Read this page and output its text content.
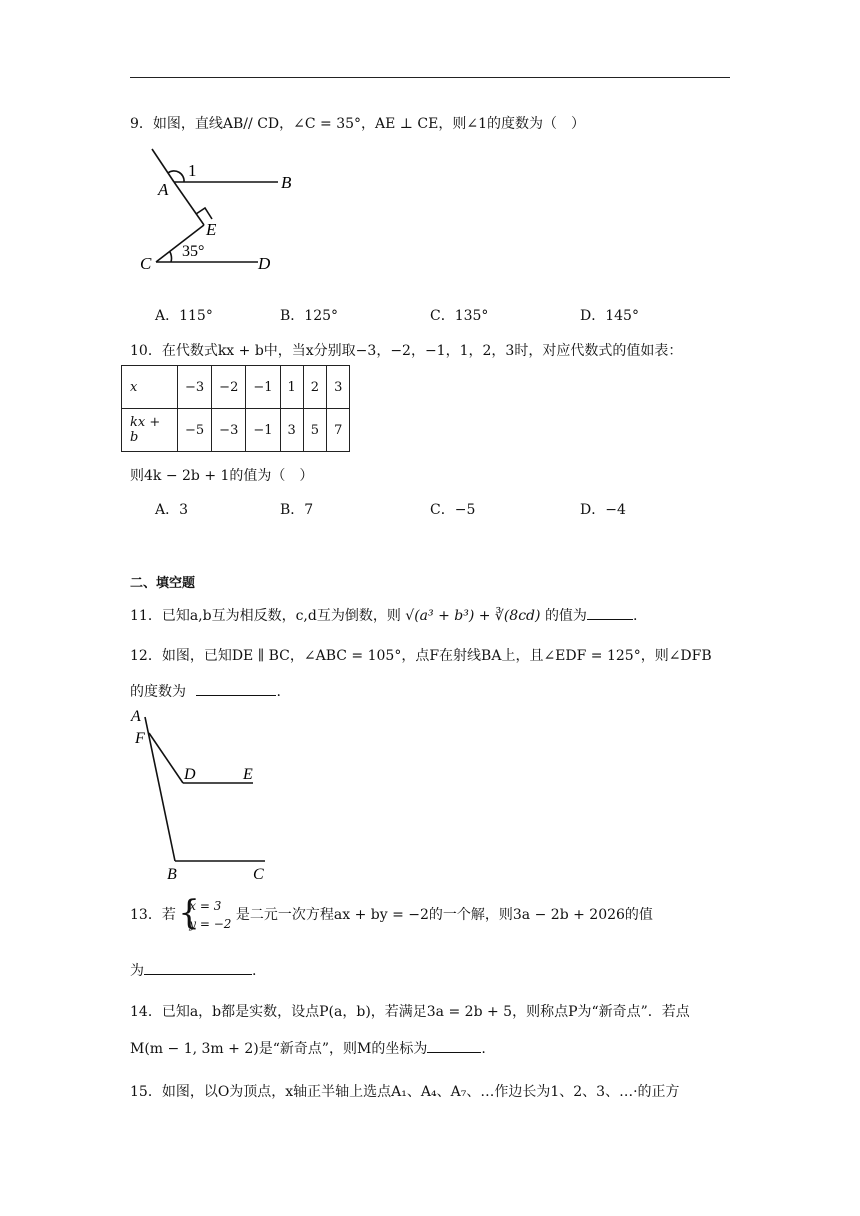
9．如图，直线AB// CD，∠C = 35°，AE ⊥ CE，则∠1的度数为（　）
1
A	B
E
C	D
35°
A．115°	B．125°	C．135°	D．145°
10．在代数式kx + b中，当x分别取−3，−2，−1，1，2，3时，对应代数式的值如表：
x	−3	−2	−1	1	2	3
kx + b	−5	−3	−1	3	5	7
则4k − 2b + 1的值为（　）
A．3	B．7	C．−5	D．−4
二、填空题
11．已知a,b互为相反数，c,d互为倒数，则 √(a³ + b³) + ∛(8cd) 的值为	.
12．如图，已知DE ∥ BC，∠ABC = 105°，点F在射线BA上，且∠EDF = 125°，则∠DFB
的度数为	.
A
F
D	E
B	C
13．若
{ x = 3
y = −2
是二元一次方程ax + by = −2的一个解，则3a − 2b + 2026的值
为	.
14．已知a，b都是实数，设点P(a，b)，若满足3a = 2b + 5，则称点P为“新奇点”．若点
M(m − 1, 3m + 2)是“新奇点”，则M的坐标为	.
15．如图，以O为顶点，x轴正半轴上选点A₁、A₄、A₇、…作边长为1、2、3、…·的正方
